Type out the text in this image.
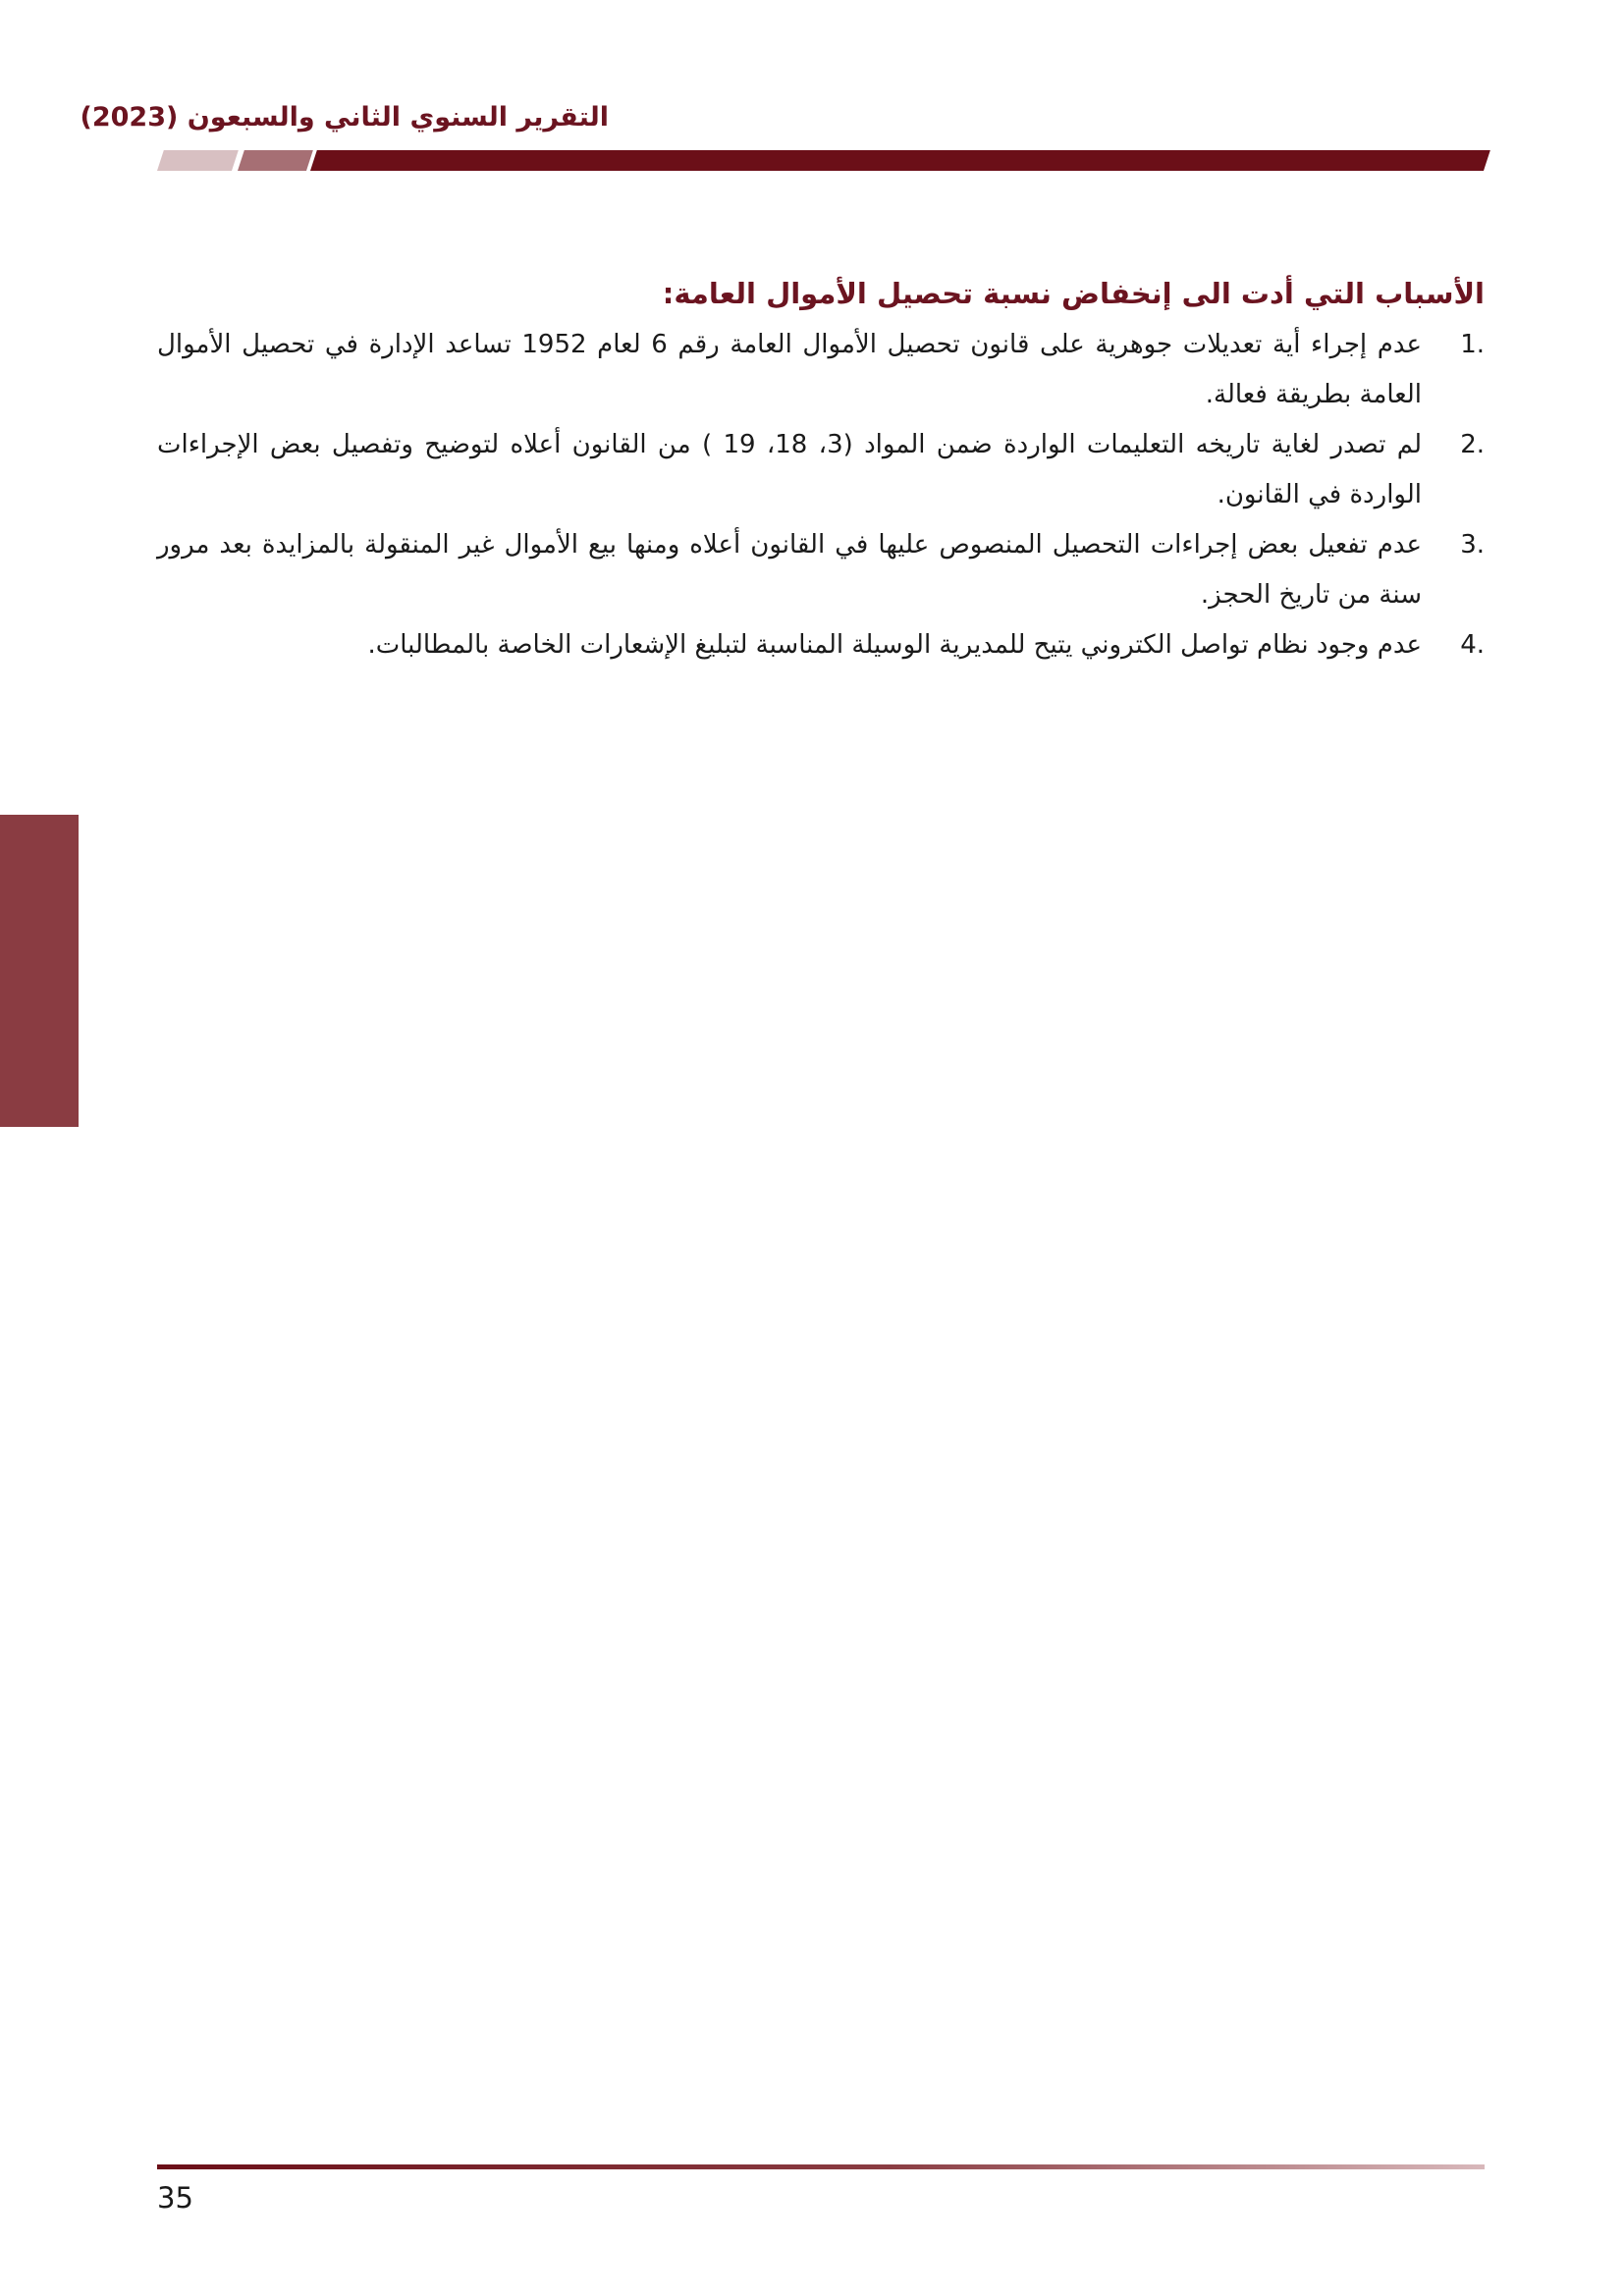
التقرير السنوي الثاني والسبعون (2023)
الأسباب التي أدت الى إنخفاض نسبة تحصيل الأموال العامة:
1.
عدم إجراء أية تعديلات جوهرية على قانون تحصيل الأموال العامة رقم 6 لعام 1952 تساعد الإدارة في تحصيل الأموال العامة بطريقة فعالة.
2.
لم تصدر لغاية تاريخه التعليمات الواردة ضمن المواد (3، 18، 19 ) من القانون أعلاه لتوضيح وتفصيل بعض الإجراءات الواردة في القانون.
3.
عدم تفعيل بعض إجراءات التحصيل المنصوص عليها في القانون أعلاه ومنها بيع الأموال غير المنقولة بالمزايدة بعد مرور سنة من تاريخ الحجز.
4.
عدم وجود نظام تواصل الكتروني يتيح للمديرية الوسيلة المناسبة لتبليغ الإشعارات الخاصة بالمطالبات.
35
